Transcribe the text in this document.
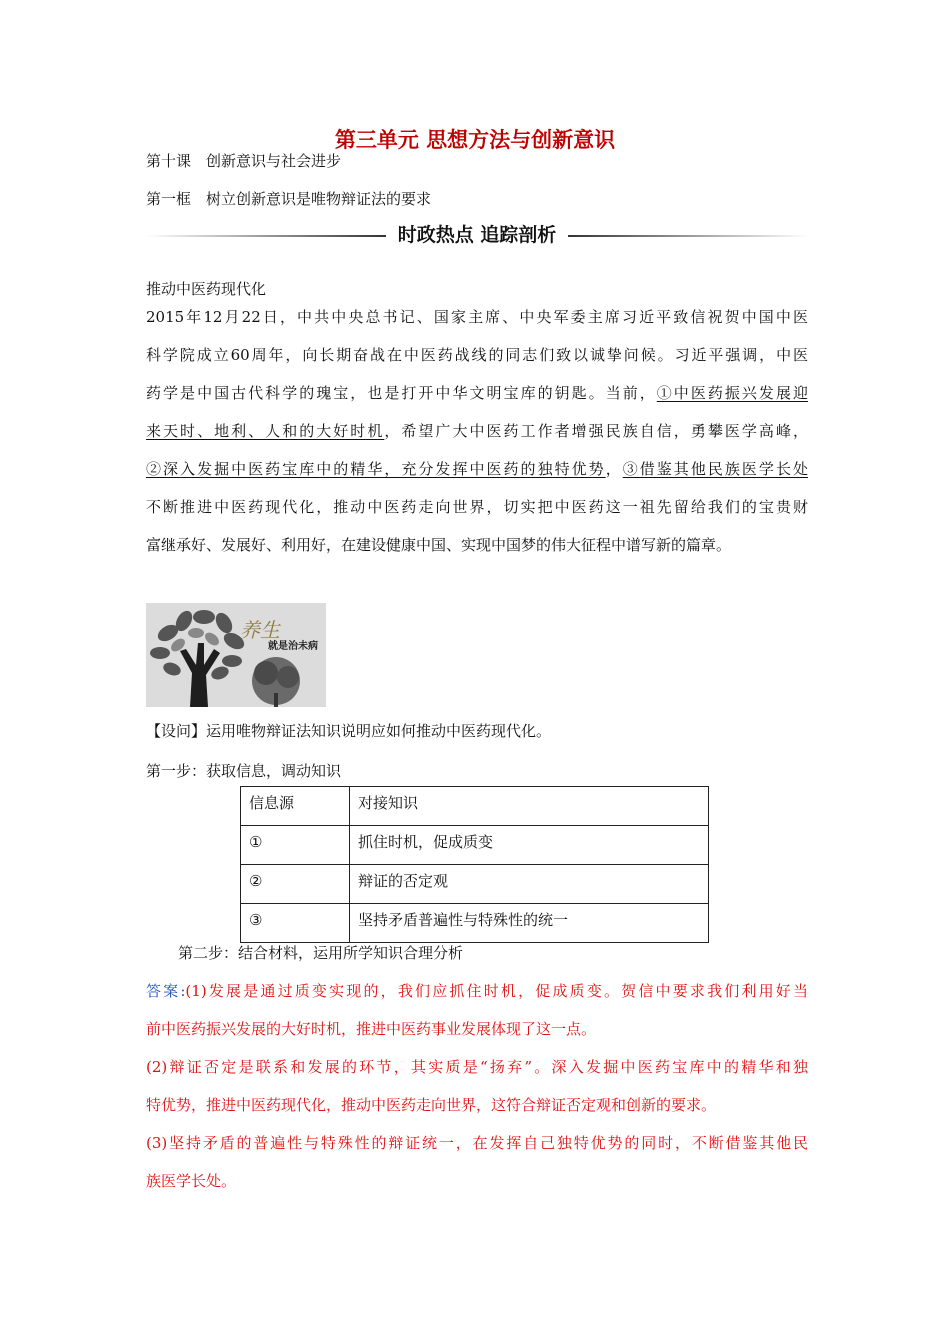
第三单元 思想方法与创新意识
第十课　创新意识与社会进步
第一框　树立创新意识是唯物辩证法的要求
时政热点 追踪剖析
推动中医药现代化
2015年12月22日，中共中央总书记、国家主席、中央军委主席习近平致信祝贺中国中医
科学院成立60周年，向长期奋战在中医药战线的同志们致以诚挚问候。习近平强调，中医
药学是中国古代科学的瑰宝，也是打开中华文明宝库的钥匙。当前，①中医药振兴发展迎
来天时、地利、人和的大好时机，希望广大中医药工作者增强民族自信，勇攀医学高峰，
②深入发掘中医药宝库中的精华，充分发挥中医药的独特优势，③借鉴其他民族医学长处
不断推进中医药现代化，推动中医药走向世界，切实把中医药这一祖先留给我们的宝贵财
富继承好、发展好、利用好，在建设健康中国、实现中国梦的伟大征程中谱写新的篇章。
养生
就是治未病
【设问】运用唯物辩证法知识说明应如何推动中医药现代化。
第一步：获取信息，调动知识
信息源	对接知识
①	抓住时机，促成质变
②	辩证的否定观
③	坚持矛盾普遍性与特殊性的统一
第二步：结合材料，运用所学知识合理分析
答案:(1)发展是通过质变实现的，我们应抓住时机，促成质变。贺信中要求我们利用好当
前中医药振兴发展的大好时机，推进中医药事业发展体现了这一点。
(2)辩证否定是联系和发展的环节，其实质是“扬弃”。深入发掘中医药宝库中的精华和独
特优势，推进中医药现代化，推动中医药走向世界，这符合辩证否定观和创新的要求。
(3)坚持矛盾的普遍性与特殊性的辩证统一，在发挥自己独特优势的同时，不断借鉴其他民
族医学长处。
